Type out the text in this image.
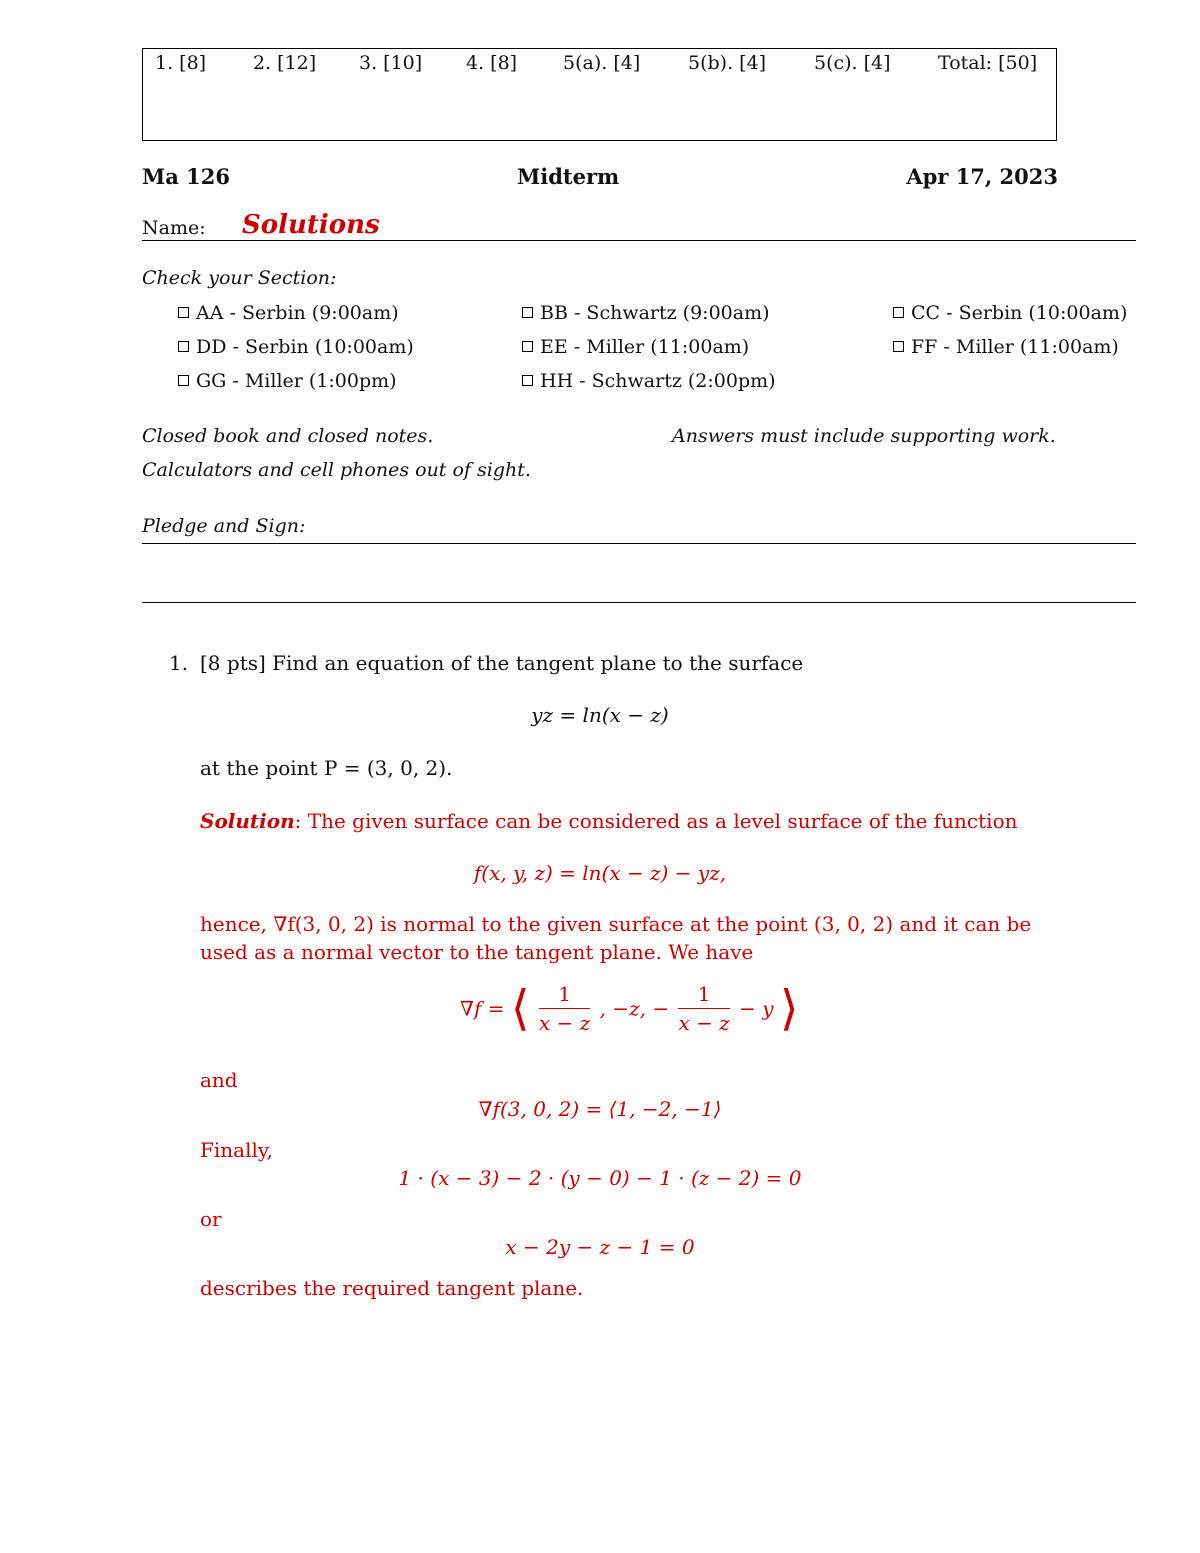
1. [8] 2. [12] 3. [10] 4. [8] 5(a). [4]	5(b). [4]	5(c). [4] Total: [50]
Ma 126	Midterm	Apr 17, 2023
Name: Solutions
Check your Section:
AA - Serbin (9:00am)	BB - Schwartz (9:00am)	CC - Serbin (10:00am)
DD - Serbin (10:00am)	EE - Miller (11:00am)	FF - Miller (11:00am)
GG - Miller (1:00pm)	HH - Schwartz (2:00pm)
Closed book and closed notes.	Answers must include supporting work.
Calculators and cell phones out of sight.
Pledge and Sign:
1. [8 pts] Find an equation of the tangent plane to the surface
yz = ln(x − z)
at the point P = (3, 0, 2).
Solution: The given surface can be considered as a level surface of the function
f(x, y, z) = ln(x − z) − yz,
hence, ∇f(3, 0, 2) is normal to the given surface at the point (3, 0, 2) and it can be
used as a normal vector to the tangent plane. We have
∇f = ⟨ $\frac{1}{x - z}$ , −z, − $\frac{1}{x - z} - y$ ⟩
and
∇f(3, 0, 2) = ⟨1, −2, −1⟩
Finally,
1 · (x − 3) − 2 · (y − 0) − 1 · (z − 2) = 0
or
x − 2y − z − 1 = 0
describes the required tangent plane.
